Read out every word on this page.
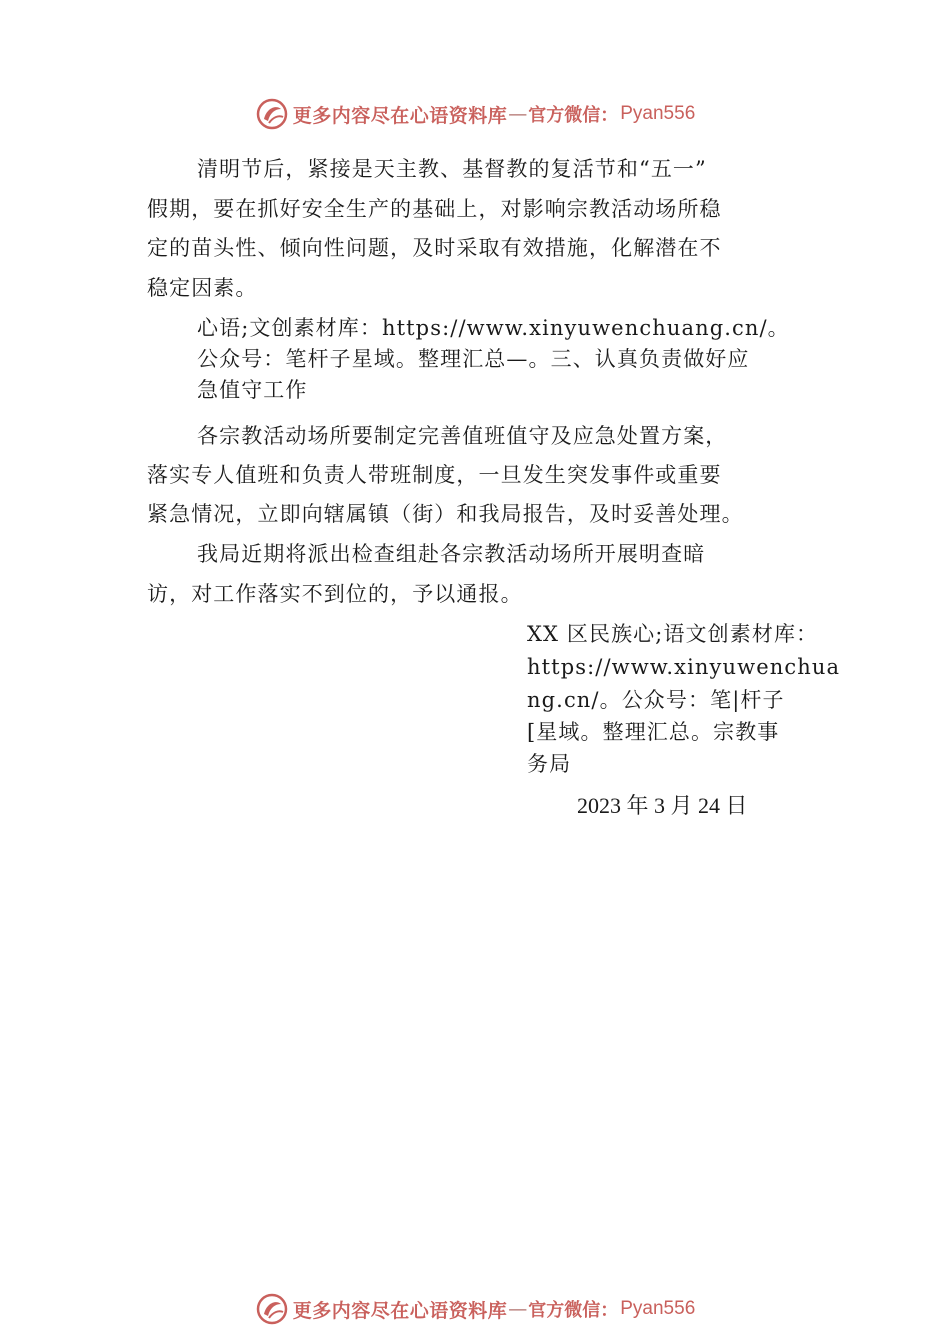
更多内容尽在心语资料库 — 官方微信： Pyan556
清明节后，紧接是天主教、基督教的复活节和“五一”
假期，要在抓好安全生产的基础上，对影响宗教活动场所稳
定的苗头性、倾向性问题，及时采取有效措施，化解潜在不
稳定因素。
心语;文创素材库：https://www.xinyuwenchuang.cn/。
公众号：笔杆子星域。整理汇总—。三、认真负责做好应
急值守工作
各宗教活动场所要制定完善值班值守及应急处置方案，
落实专人值班和负责人带班制度，一旦发生突发事件或重要
紧急情况，立即向辖属镇（街）和我局报告，及时妥善处理。
我局近期将派出检查组赴各宗教活动场所开展明查暗
访，对工作落实不到位的，予以通报。
XX 区民族心;语文创素材库：
https://www.xinyuwenchua
ng.cn/。公众号：笔|杆子
[星域。整理汇总。宗教事
务局
2023 年 3 月 24 日
更多内容尽在心语资料库 — 官方微信： Pyan556
